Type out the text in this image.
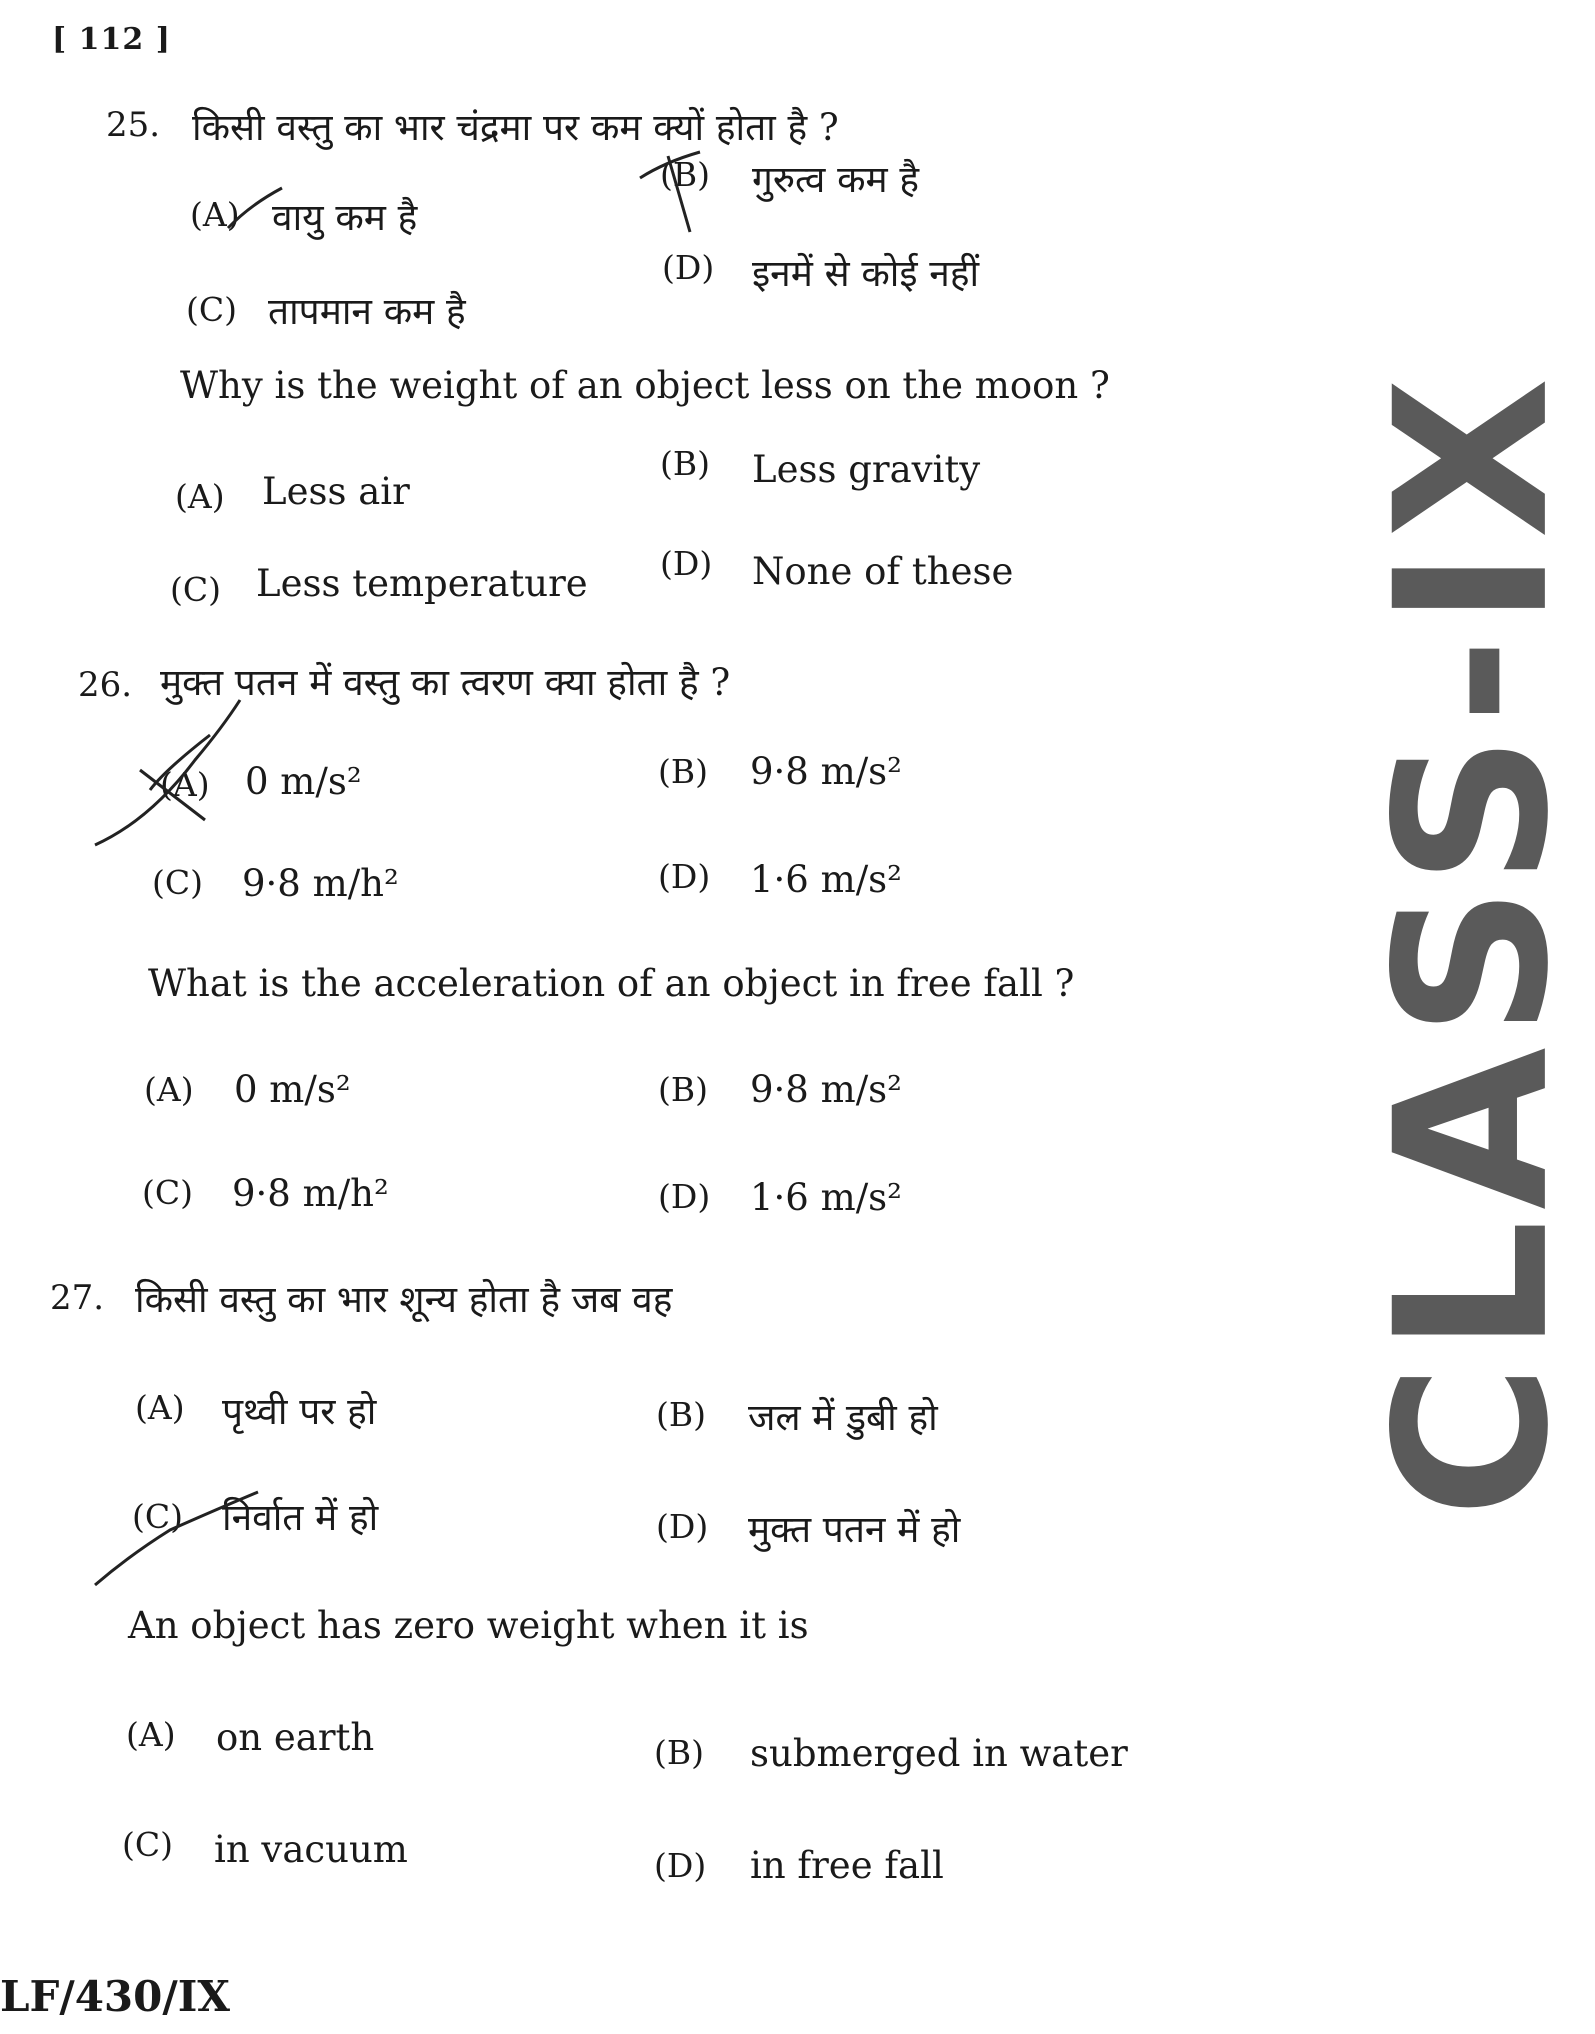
[ 112 ]
25. किसी वस्तु का भार चंद्रमा पर कम क्यों होता है ?
(A) वायु कम है
(B) गुरुत्व कम है
(C) तापमान कम है
(D) इनमें से कोई नहीं
Why is the weight of an object less on the moon ?
(A) Less air
(B) Less gravity
(C) Less temperature (D) None of these
26. मुक्त पतन में वस्तु का त्वरण क्या होता है ?
(A) 0 m/s²	(B) 9·8 m/s²
(C) 9·8 m/h²	(D) 1·6 m/s²
What is the acceleration of an object in free fall ?
(A) 0 m/s²	(B) 9·8 m/s²
(C) 9·8 m/h²	(D) 1·6 m/s²
27. किसी वस्तु का भार शून्य होता है जब वह
(A) पृथ्वी पर हो	(B) जल में डुबी हो
(C) निर्वात में हो	(D) मुक्त पतन में हो
An object has zero weight when it is
(A) on earth	(B) submerged in water
(C) in vacuum	(D) in free fall
LF/430/IX
CLASS-IX
